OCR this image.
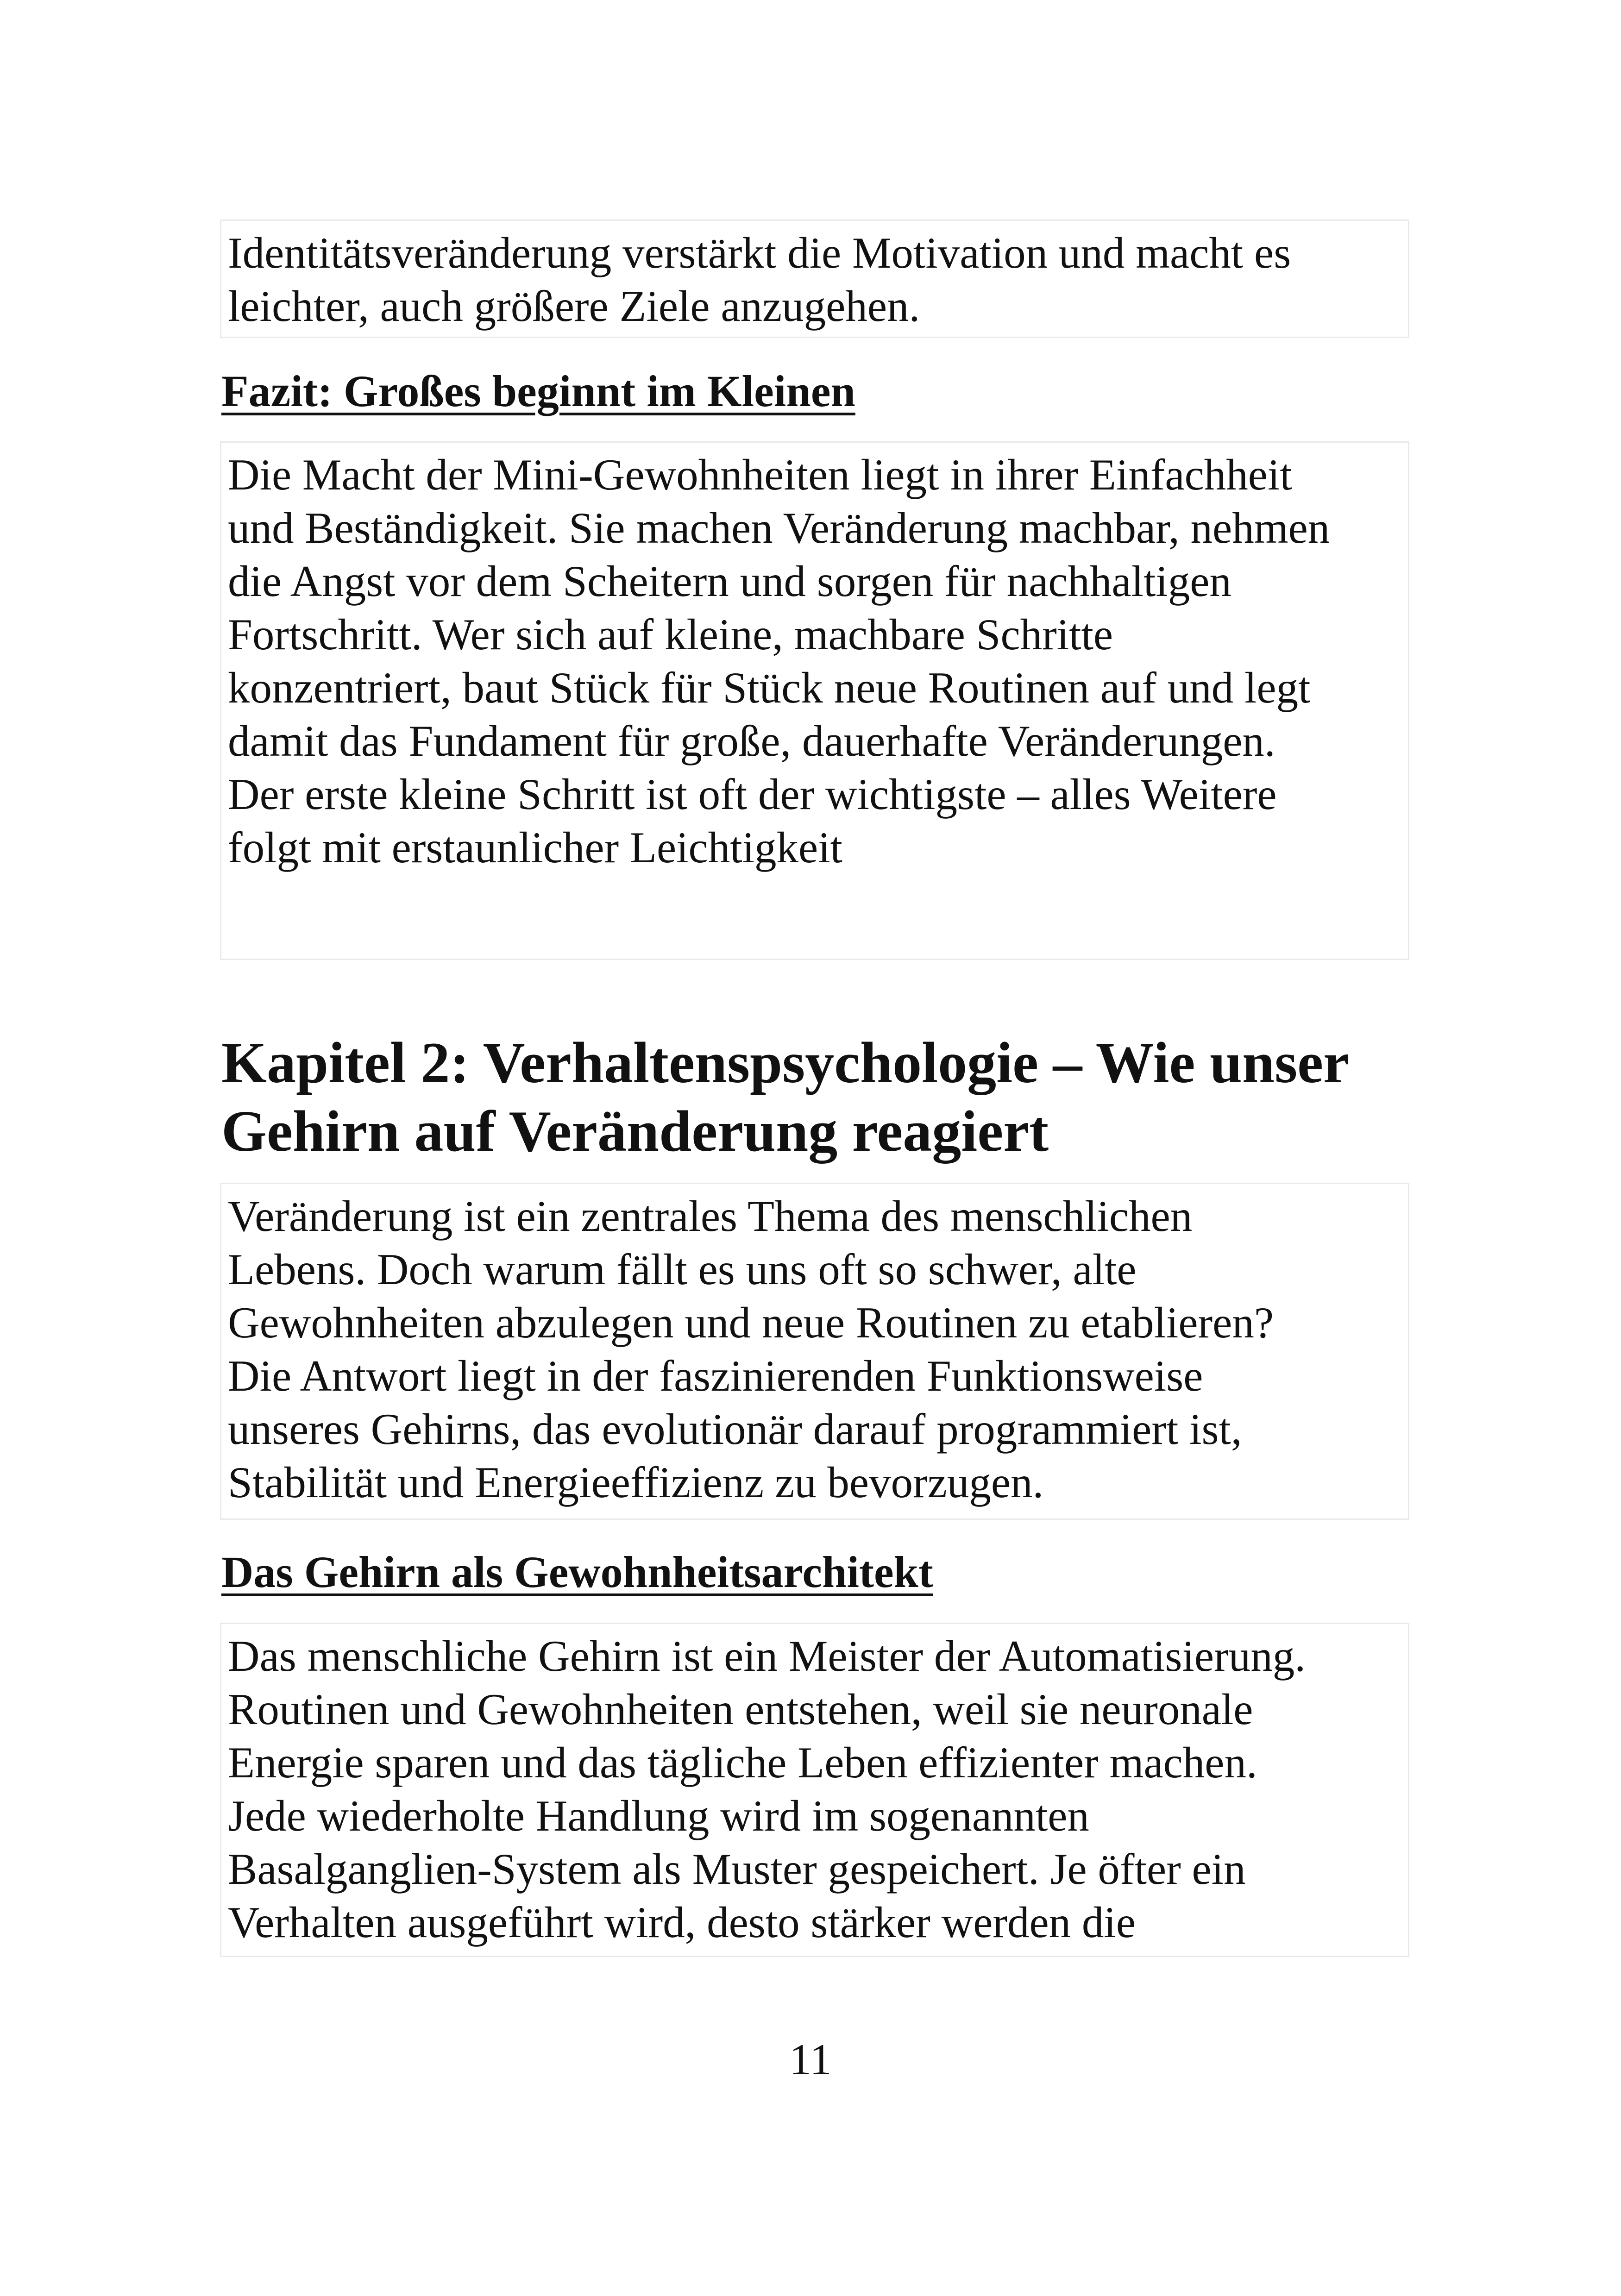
Identitätsveränderung verstärkt die Motivation und macht es
leichter, auch größere Ziele anzugehen.
Fazit: Großes beginnt im Kleinen
Die Macht der Mini-Gewohnheiten liegt in ihrer Einfachheit
und Beständigkeit. Sie machen Veränderung machbar, nehmen
die Angst vor dem Scheitern und sorgen für nachhaltigen
Fortschritt. Wer sich auf kleine, machbare Schritte
konzentriert, baut Stück für Stück neue Routinen auf und legt
damit das Fundament für große, dauerhafte Veränderungen.
Der erste kleine Schritt ist oft der wichtigste – alles Weitere
folgt mit erstaunlicher Leichtigkeit
Kapitel 2: Verhaltenspsychologie – Wie unser
Gehirn auf Veränderung reagiert
Veränderung ist ein zentrales Thema des menschlichen
Lebens. Doch warum fällt es uns oft so schwer, alte
Gewohnheiten abzulegen und neue Routinen zu etablieren?
Die Antwort liegt in der faszinierenden Funktionsweise
unseres Gehirns, das evolutionär darauf programmiert ist,
Stabilität und Energieeffizienz zu bevorzugen.
Das Gehirn als Gewohnheitsarchitekt
Das menschliche Gehirn ist ein Meister der Automatisierung.
Routinen und Gewohnheiten entstehen, weil sie neuronale
Energie sparen und das tägliche Leben effizienter machen.
Jede wiederholte Handlung wird im sogenannten
Basalganglien-System als Muster gespeichert. Je öfter ein
Verhalten ausgeführt wird, desto stärker werden die
11
